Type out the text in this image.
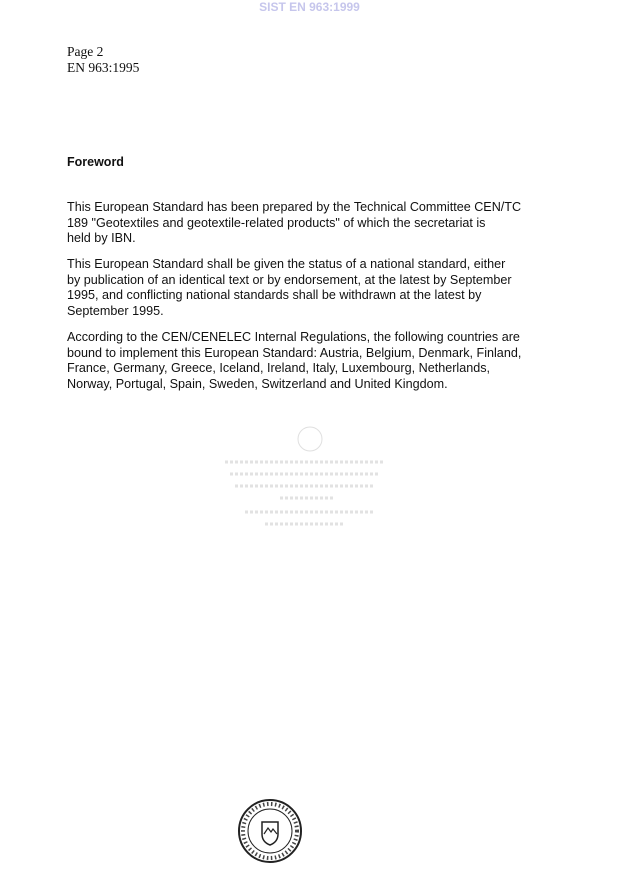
SIST EN 963:1999
Page 2
EN 963:1995
Foreword
This European Standard has been prepared by the Technical Committee CEN/TC
189 "Geotextiles and geotextile-related products" of which the secretariat is
held by IBN.
This European Standard shall be given the status of a national standard, either
by publication of an identical text or by endorsement, at the latest by September
1995, and conflicting national standards shall be withdrawn at the latest by
September 1995.
According to the CEN/CENELEC Internal Regulations, the following countries are
bound to implement this European Standard: Austria, Belgium, Denmark, Finland,
France, Germany, Greece, Iceland, Ireland, Italy, Luxembourg, Netherlands,
Norway, Portugal, Spain, Sweden, Switzerland and United Kingdom.
